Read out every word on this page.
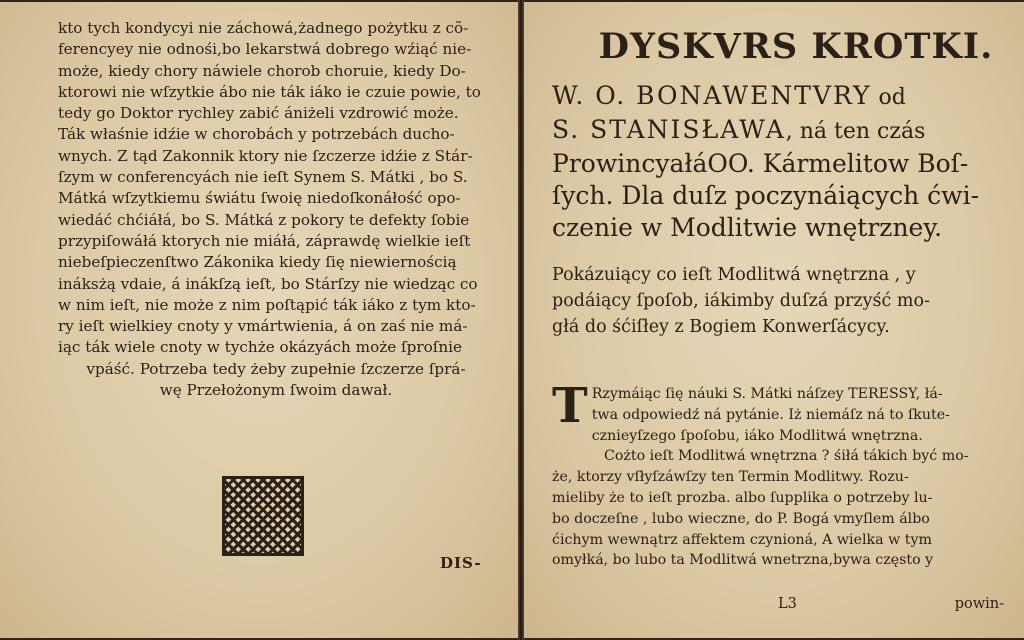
kto tych kondycyi nie záchowá,żadnego pożytku z cõ-
ferencyey nie odnośi,bo lekarstwá dobrego wźiąć nie-
może, kiedy chory náwiele chorob choruie, kiedy Do-
ktorowi nie wſzytkie ábo nie ták iáko ie czuie powie, to
tedy go Doktor rychley zabić ániżeli vzdrowić może.
Ták właśnie idźie w chorobách y potrzebách ducho-
wnych. Z tąd Zakonnik ktory nie ſzczerze idźie z Stár-
ſzym w conferencyách nie ieſt Synem S. Mátki , bo S.
Mátká wſzytkiemu świátu ſwoię niedoſkonáłość opo-
wiedáć chćiáłá, bo S. Mátká z pokory te defekty ſobie
przypiſowáłá ktorych nie miáłá, záprawdę wielkie ieſt
niebeſpieczenſtwo Zákonika kiedy ſię niewiernością
ináksżą vdaie, á inákſzą ieſt, bo Stárſzy nie wiedząc co
w nim ieſt, nie może z nim poſtąpić ták iáko z tym kto-
ry ieſt wielkiey cnoty y vmártwienia, á on zaś nie má-
iąc ták wiele cnoty w tychże okázyách może ſproſnie
vpáść. Potrzeba tedy żeby zupełnie ſzczerze ſprá-
wę Przełożonym ſwoim dawał.
DIS-
DYSKVRS KROTKI.
W. O. BONAWENTVRY od
S. STANISŁAWA, ná ten czás
ProwincyałáOO. Kármelitow Boſ-
ſych. Dla duſz poczynáiących ćwi-
czenie w Modlitwie wnętrzney.
Pokázuiący co ieſt Modlitwá wnętrzna , y
podáiący ſpoſob, iákimby duſzá przyść mo-
głá do śćiſłey z Bogiem Konwerſácycy.
T Rzymáiąc ſię náuki S. Mátki náſzey TERESSY, łá-
twa odpowiedź ná pytánie. Iż niemáſz ná to ſkute-
cznieyſzego ſpoſobu, iáko Modlitwá wnętrzna.
Cożto ieſt Modlitwá wnętrzna ? śiłá tákich być mo-
że, ktorzy vſłyſzáwſzy ten Termin Modlitwy. Rozu-
mieliby że to ieſt prozba. albo ſupplika o potrzeby lu-
bo doczeſne , lubo wieczne, do P. Bogá vmyſlem álbo
ćichym wewnątrz affektem czynioná, A wielka w tym
omyłká, bo lubo ta Modlitwá wnetrzna,bywa często y
L3	powin-
